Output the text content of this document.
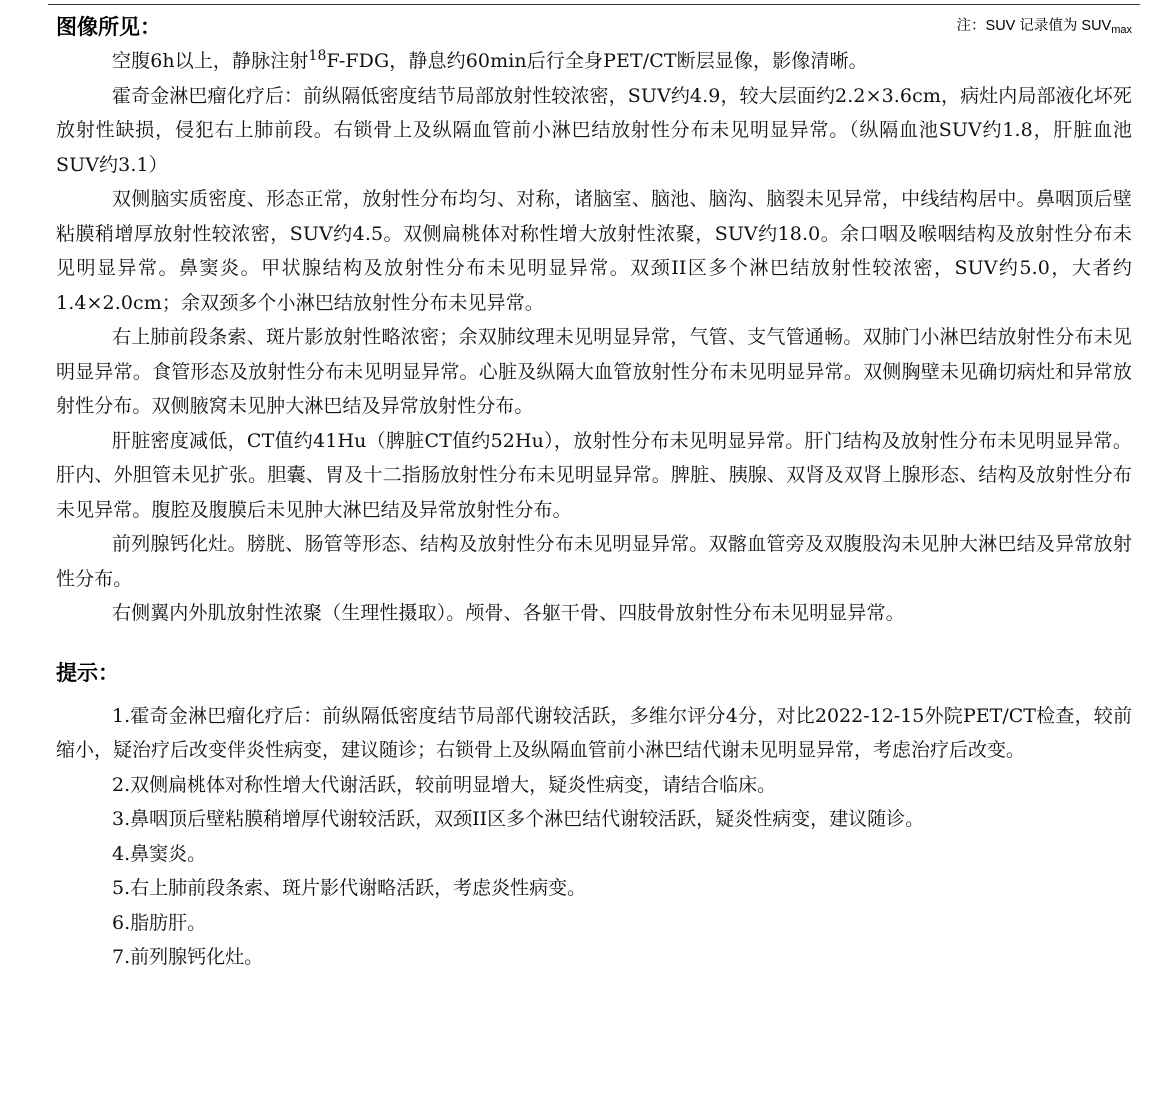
图像所见：	注：SUV 记录值为 $SUV_{max}$

空腹6h以上，静脉注射$^{18}$F-FDG，静息约60min后行全身PET/CT断层显像，影像清晰。

霍奇金淋巴瘤化疗后：前纵隔低密度结节局部放射性较浓密，SUV约4.9，较大层面约2.2×3.6cm，病灶内局部液化坏死放射性缺损，侵犯右上肺前段。右锁骨上及纵隔血管前小淋巴结放射性分布未见明显异常。（纵隔血池SUV约1.8，肝脏血池SUV约3.1）

双侧脑实质密度、形态正常，放射性分布均匀、对称，诸脑室、脑池、脑沟、脑裂未见异常，中线结构居中。鼻咽顶后壁粘膜稍增厚放射性较浓密，SUV约4.5。双侧扁桃体对称性增大放射性浓聚，SUV约18.0。余口咽及喉咽结构及放射性分布未见明显异常。鼻窦炎。甲状腺结构及放射性分布未见明显异常。双颈II区多个淋巴结放射性较浓密，SUV约5.0，大者约1.4×2.0cm；余双颈多个小淋巴结放射性分布未见异常。

右上肺前段条索、斑片影放射性略浓密；余双肺纹理未见明显异常，气管、支气管通畅。双肺门小淋巴结放射性分布未见明显异常。食管形态及放射性分布未见明显异常。心脏及纵隔大血管放射性分布未见明显异常。双侧胸壁未见确切病灶和异常放射性分布。双侧腋窝未见肿大淋巴结及异常放射性分布。

肝脏密度减低，CT值约41Hu（脾脏CT值约52Hu），放射性分布未见明显异常。肝门结构及放射性分布未见明显异常。肝内、外胆管未见扩张。胆囊、胃及十二指肠放射性分布未见明显异常。脾脏、胰腺、双肾及双肾上腺形态、结构及放射性分布未见异常。腹腔及腹膜后未见肿大淋巴结及异常放射性分布。

前列腺钙化灶。膀胱、肠管等形态、结构及放射性分布未见明显异常。双髂血管旁及双腹股沟未见肿大淋巴结及异常放射性分布。

右侧翼内外肌放射性浓聚（生理性摄取）。颅骨、各躯干骨、四肢骨放射性分布未见明显异常。

提示：
1.霍奇金淋巴瘤化疗后：前纵隔低密度结节局部代谢较活跃，多维尔评分4分，对比2022-12-15外院PET/CT检查，较前缩小，疑治疗后改变伴炎性病变，建议随诊；右锁骨上及纵隔血管前小淋巴结代谢未见明显异常，考虑治疗后改变。
2.双侧扁桃体对称性增大代谢活跃，较前明显增大，疑炎性病变，请结合临床。
3.鼻咽顶后壁粘膜稍增厚代谢较活跃，双颈II区多个淋巴结代谢较活跃，疑炎性病变，建议随诊。
4.鼻窦炎。
5.右上肺前段条索、斑片影代谢略活跃，考虑炎性病变。
6.脂肪肝。
7.前列腺钙化灶。
